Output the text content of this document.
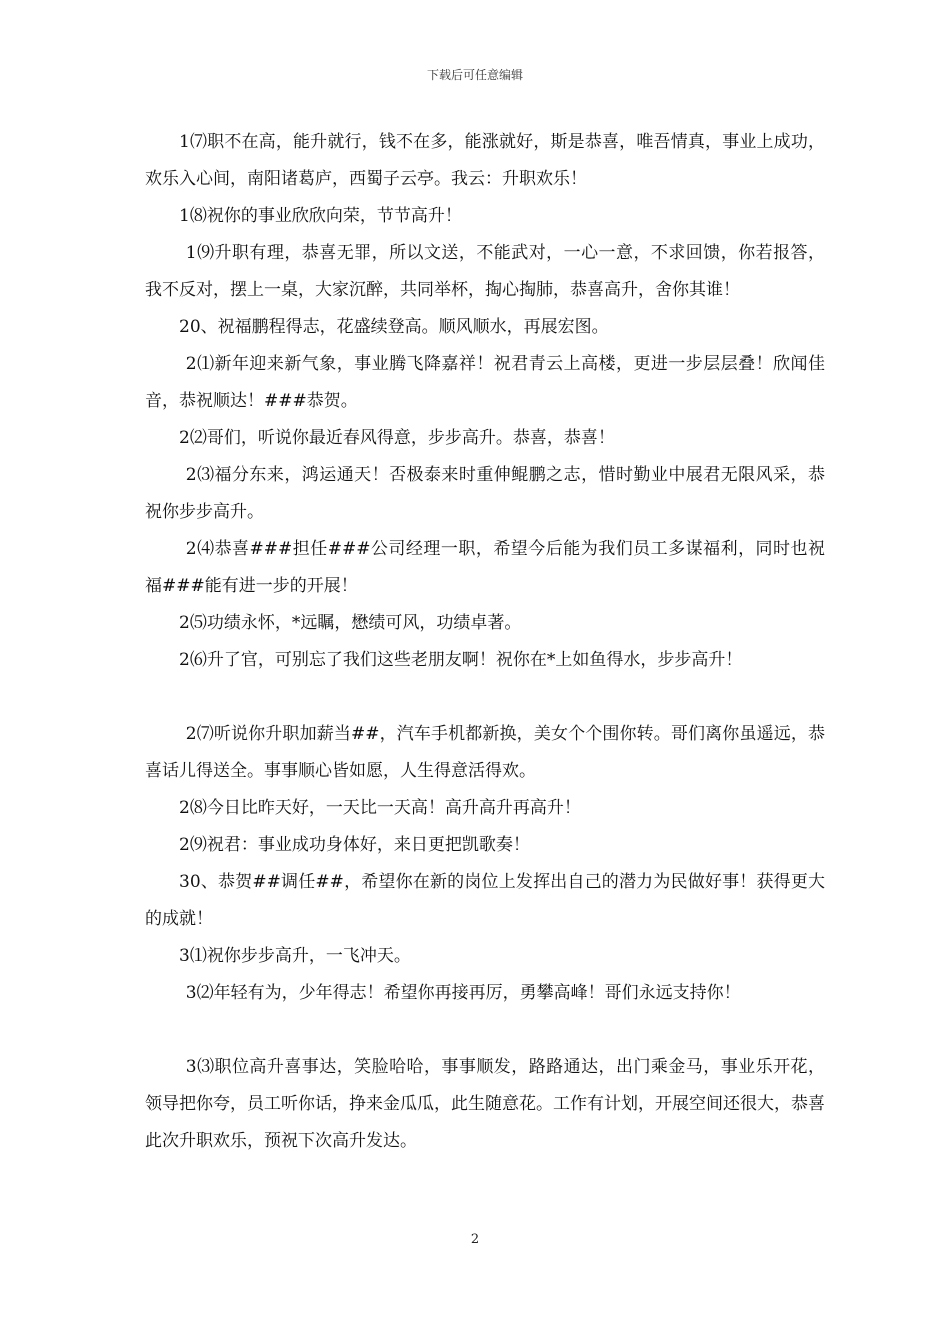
下载后可任意编辑

1⑺职不在高，能升就行，钱不在多，能涨就好，斯是恭喜，唯吾情真，事业上成功，欢乐入心间，南阳诸葛庐，西蜀子云亭。我云：升职欢乐！

1⑻祝你的事业欣欣向荣，节节高升！

1⑼升职有理，恭喜无罪，所以文送，不能武对，一心一意，不求回馈，你若报答，我不反对，摆上一桌，大家沉醉，共同举杯，掏心掏肺，恭喜高升，舍你其谁！

20、祝福鹏程得志，花盛续登高。顺风顺水，再展宏图。

2⑴新年迎来新气象，事业腾飞降嘉祥！祝君青云上高楼，更进一步层层叠！欣闻佳音，恭祝顺达！###恭贺。

2⑵哥们，听说你最近春风得意，步步高升。恭喜，恭喜！

2⑶福分东来，鸿运通天！否极泰来时重伸鲲鹏之志，惜时勤业中展君无限风采，恭祝你步步高升。

2⑷恭喜###担任###公司经理一职，希望今后能为我们员工多谋福利，同时也祝福###能有进一步的开展！

2⑸功绩永怀，*远瞩，懋绩可风，功绩卓著。

2⑹升了官，可别忘了我们这些老朋友啊！祝你在*上如鱼得水，步步高升！

2⑺听说你升职加薪当##，汽车手机都新换，美女个个围你转。哥们离你虽遥远，恭喜话儿得送全。事事顺心皆如愿，人生得意活得欢。

2⑻今日比昨天好，一天比一天高！高升高升再高升！

2⑼祝君：事业成功身体好，来日更把凯歌奏！

30、恭贺##调任##，希望你在新的岗位上发挥出自己的潜力为民做好事！获得更大的成就！

3⑴祝你步步高升，一飞冲天。

3⑵年轻有为，少年得志！希望你再接再厉，勇攀高峰！哥们永远支持你！

3⑶职位高升喜事达，笑脸哈哈，事事顺发，路路通达，出门乘金马，事业乐开花，领导把你夸，员工听你话，挣来金瓜瓜，此生随意花。工作有计划，开展空间还很大，恭喜此次升职欢乐，预祝下次高升发达。

2
